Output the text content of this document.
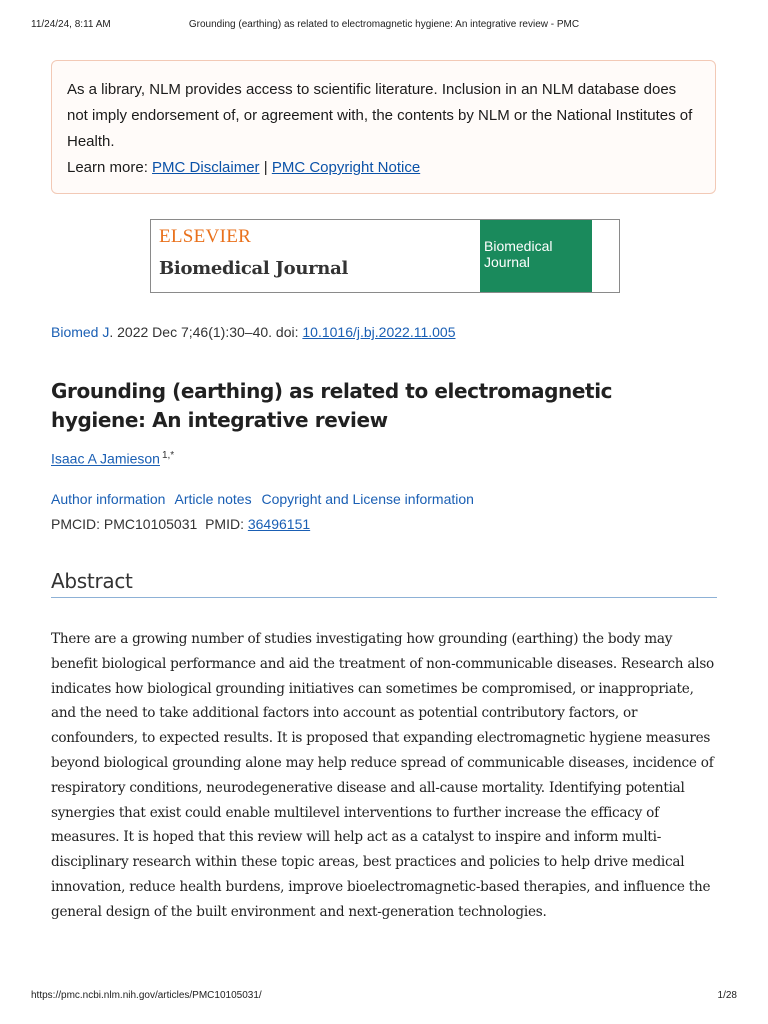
11/24/24, 8:11 AM	Grounding (earthing) as related to electromagnetic hygiene: An integrative review - PMC
As a library, NLM provides access to scientific literature. Inclusion in an NLM database does not imply endorsement of, or agreement with, the contents by NLM or the National Institutes of Health.
Learn more: PMC Disclaimer | PMC Copyright Notice
ELSEVIER
Biomedical Journal
Biomedical
Journal
Biomed J. 2022 Dec 7;46(1):30–40. doi: 10.1016/j.bj.2022.11.005
Grounding (earthing) as related to electromagnetic hygiene: An integrative review
Isaac A Jamieson $^{1,*}$
Author information Article notes Copyright and License information
PMCID: PMC10105031 PMID: 36496151
Abstract
There are a growing number of studies investigating how grounding (earthing) the body may
benefit biological performance and aid the treatment of non-communicable diseases. Research also
indicates how biological grounding initiatives can sometimes be compromised, or inappropriate,
and the need to take additional factors into account as potential contributory factors, or
confounders, to expected results. It is proposed that expanding electromagnetic hygiene measures
beyond biological grounding alone may help reduce spread of communicable diseases, incidence of
respiratory conditions, neurodegenerative disease and all-cause mortality. Identifying potential
synergies that exist could enable multilevel interventions to further increase the efficacy of
measures. It is hoped that this review will help act as a catalyst to inspire and inform multi-
disciplinary research within these topic areas, best practices and policies to help drive medical
innovation, reduce health burdens, improve bioelectromagnetic-based therapies, and influence the
general design of the built environment and next-generation technologies.
https://pmc.ncbi.nlm.nih.gov/articles/PMC10105031/	1/28
